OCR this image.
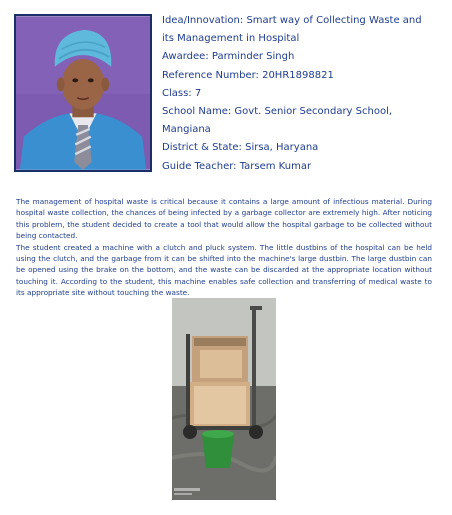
Idea/Innovation: Smart way of Collecting Waste and
its Management in Hospital
Awardee: Parminder Singh
Reference Number: 20HR1898821
Class: 7
School Name: Govt. Senior Secondary School,
Mangiana
District & State: Sirsa, Haryana
Guide Teacher: Tarsem Kumar

The management of hospital waste is critical because it contains a large amount of infectious material. During hospital waste collection, the chances of being infected by a garbage collector are extremely high. After noticing this problem, the student decided to create a tool that would allow the hospital garbage to be collected without being contacted.

The student created a machine with a clutch and pluck system. The little dustbins of the hospital can be held using the clutch, and the garbage from it can be shifted into the machine's large dustbin. The large dustbin can be opened using the brake on the bottom, and the waste can be discarded at the appropriate location without touching it. According to the student, this machine enables safe collection and transferring of medical waste to its appropriate site without touching the waste.
